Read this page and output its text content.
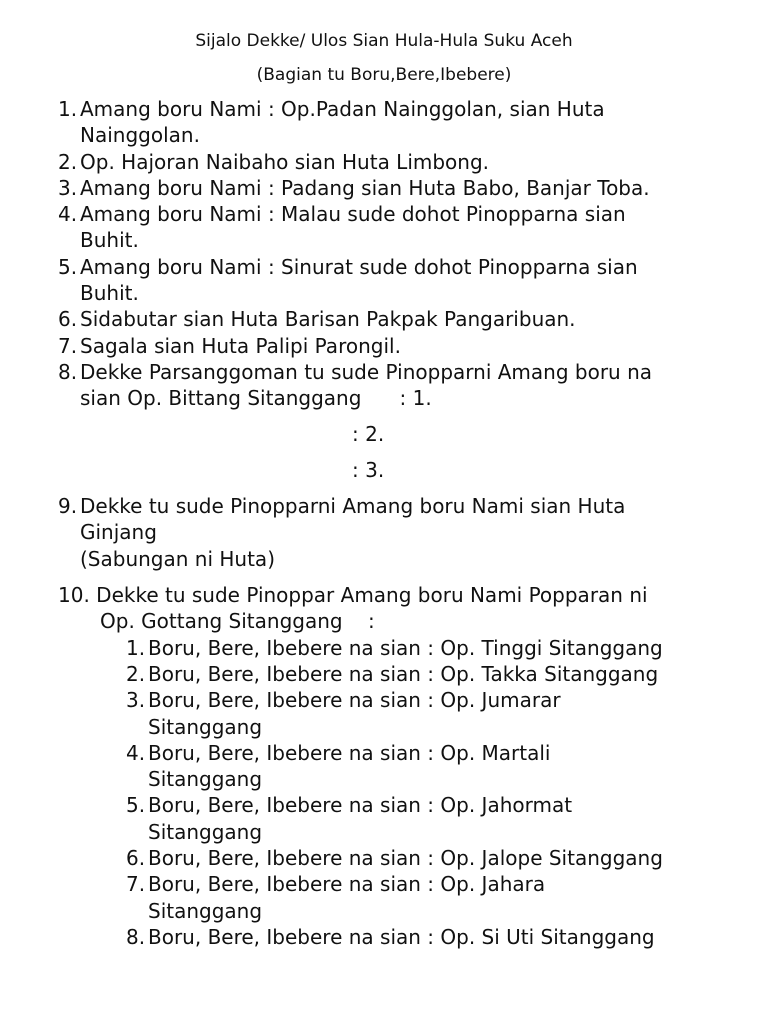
Sijalo Dekke/ Ulos Sian Hula-Hula Suku Aceh
(Bagian tu Boru,Bere,Ibebere)
1. Amang boru Nami : Op.Padan Nainggolan, sian Huta
Nainggolan.
2. Op. Hajoran Naibaho sian Huta Limbong.
3. Amang boru Nami : Padang sian Huta Babo, Banjar Toba.
4. Amang boru Nami : Malau sude dohot Pinopparna sian
Buhit.
5. Amang boru Nami : Sinurat sude dohot Pinopparna sian
Buhit.
6. Sidabutar sian Huta Barisan Pakpak Pangaribuan.
7. Sagala sian Huta Palipi Parongil.
8. Dekke Parsanggoman tu sude Pinopparni Amang boru na
sian Op. Bittang Sitanggang      : 1.
: 2.
: 3.
9. Dekke tu sude Pinopparni Amang boru Nami sian Huta
Ginjang
(Sabungan ni Huta)
10. Dekke tu sude Pinoppar Amang boru Nami Popparan ni
Op. Gottang Sitanggang    :
1. Boru, Bere, Ibebere na sian : Op. Tinggi Sitanggang
2. Boru, Bere, Ibebere na sian : Op. Takka Sitanggang
3. Boru, Bere, Ibebere na sian : Op. Jumarar
Sitanggang
4. Boru, Bere, Ibebere na sian : Op. Martali
Sitanggang
5. Boru, Bere, Ibebere na sian : Op. Jahormat
Sitanggang
6. Boru, Bere, Ibebere na sian : Op. Jalope Sitanggang
7. Boru, Bere, Ibebere na sian : Op. Jahara
Sitanggang
8. Boru, Bere, Ibebere na sian : Op. Si Uti Sitanggang
